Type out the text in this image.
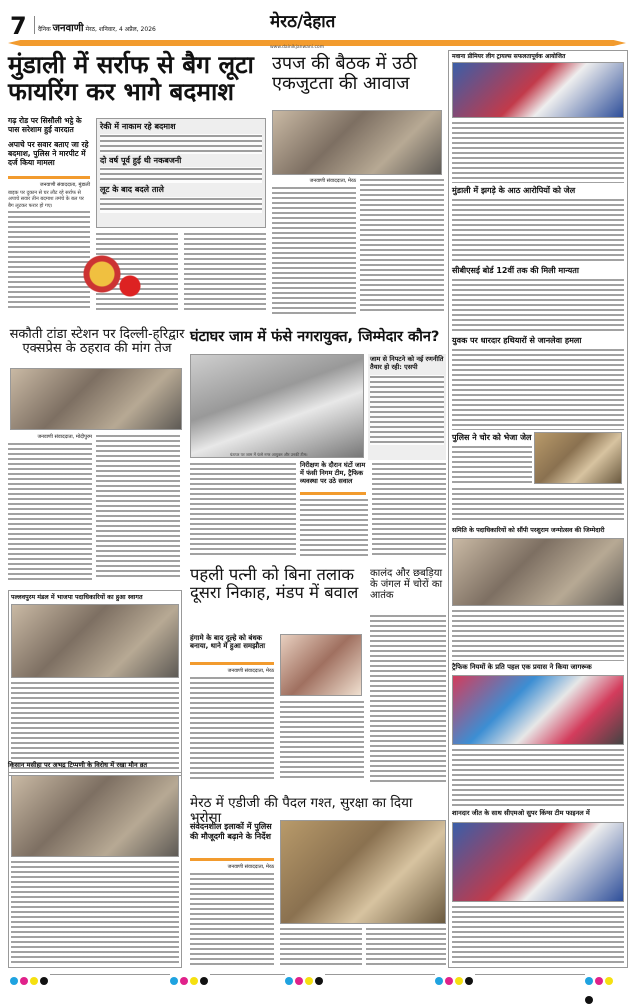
7 दैनिक जनवाणी मेरठ, शनिवार, 4 अप्रैल, 2026	मेरठ/देहात
www.dainikjanwani.com
मुंडाली में सर्राफ से बैग लूटा फायरिंग कर भागे बदमाश
गढ़ रोड पर सिसौली भट्ठे के पास सरेशाम हुई वारदात
अपाचे पर सवार बताए जा रहे बदमाश, पुलिस ने मारपीट में दर्ज किया मामला
जनवाणी संवाददाता, मुंडाली
बाइक पर दुकान से घर लौट रहे सर्राफ से अपाचे सवार तीन बदमाश तमंचे के बल पर बैग लूटकर फरार हो गए।
रेकी में नाकाम रहे बदमाश
दो वर्ष पूर्व हुई थी नकबजनी
लूट के बाद बदले ताले
उपज की बैठक में उठी एकजुटता की आवाज
जनवाणी संवाददाता, मेरठ
मवाना प्रीमियर लीग ट्रायल्स सफलतापूर्वक आयोजित
मुंडाली में झगड़े के आठ आरोपियों को जेल
सीबीएसई बोर्ड 12वीं तक की मिली मान्यता
युवक पर धारदार हथियारों से जानलेवा हमला
पुलिस ने चोर को भेजा जेल
समिति के पदाधिकारियों को सौंपी परशुराम जन्मोत्सव की जिम्मेदारी
ट्रैफिक नियमों के प्रति पहल एक प्रयास ने किया जागरूक
शानदार जीत के साथ सीएमओ सुपर किंग्स टीम फाइनल में
सकौती टांडा स्टेशन पर दिल्ली-हरिद्वार एक्सप्रेस के ठहराव की मांग तेज
जनवाणी संवाददाता, मोदीपुरम
घंटाघर जाम में फंसे नगरायुक्त, जिम्मेदार कौन?
घंटाघर पर जाम में फंसे नगर आयुक्त और उनकी टीम।
जाम से निपटने को नई रणनीति तैयार हो रही: एसपी
निरीक्षण के दौरान घंटों जाम में फंसी निगम टीम, ट्रैफिक व्यवस्था पर उठे सवाल
पल्लवपुरम मंडल में भाजपा पदाधिकारियों का हुआ स्वागत
किसान मसीहा पर अभद्र टिप्पणी के विरोध में रखा मौन व्रत
पहली पत्नी को बिना तलाक दूसरा निकाह, मंडप में बवाल
हंगामे के बाद दूल्हे को बंधक बनाया, थाने में हुआ समझौता
जनवाणी संवाददाता, मेरठ
कालंद और छबड़िया के जंगल में चोरों का आतंक
मेरठ में एडीजी की पैदल गश्त, सुरक्षा का दिया भरोसा
संवेदनशील इलाकों में पुलिस की मौजूदगी बढ़ाने के निर्देश
जनवाणी संवाददाता, मेरठ
